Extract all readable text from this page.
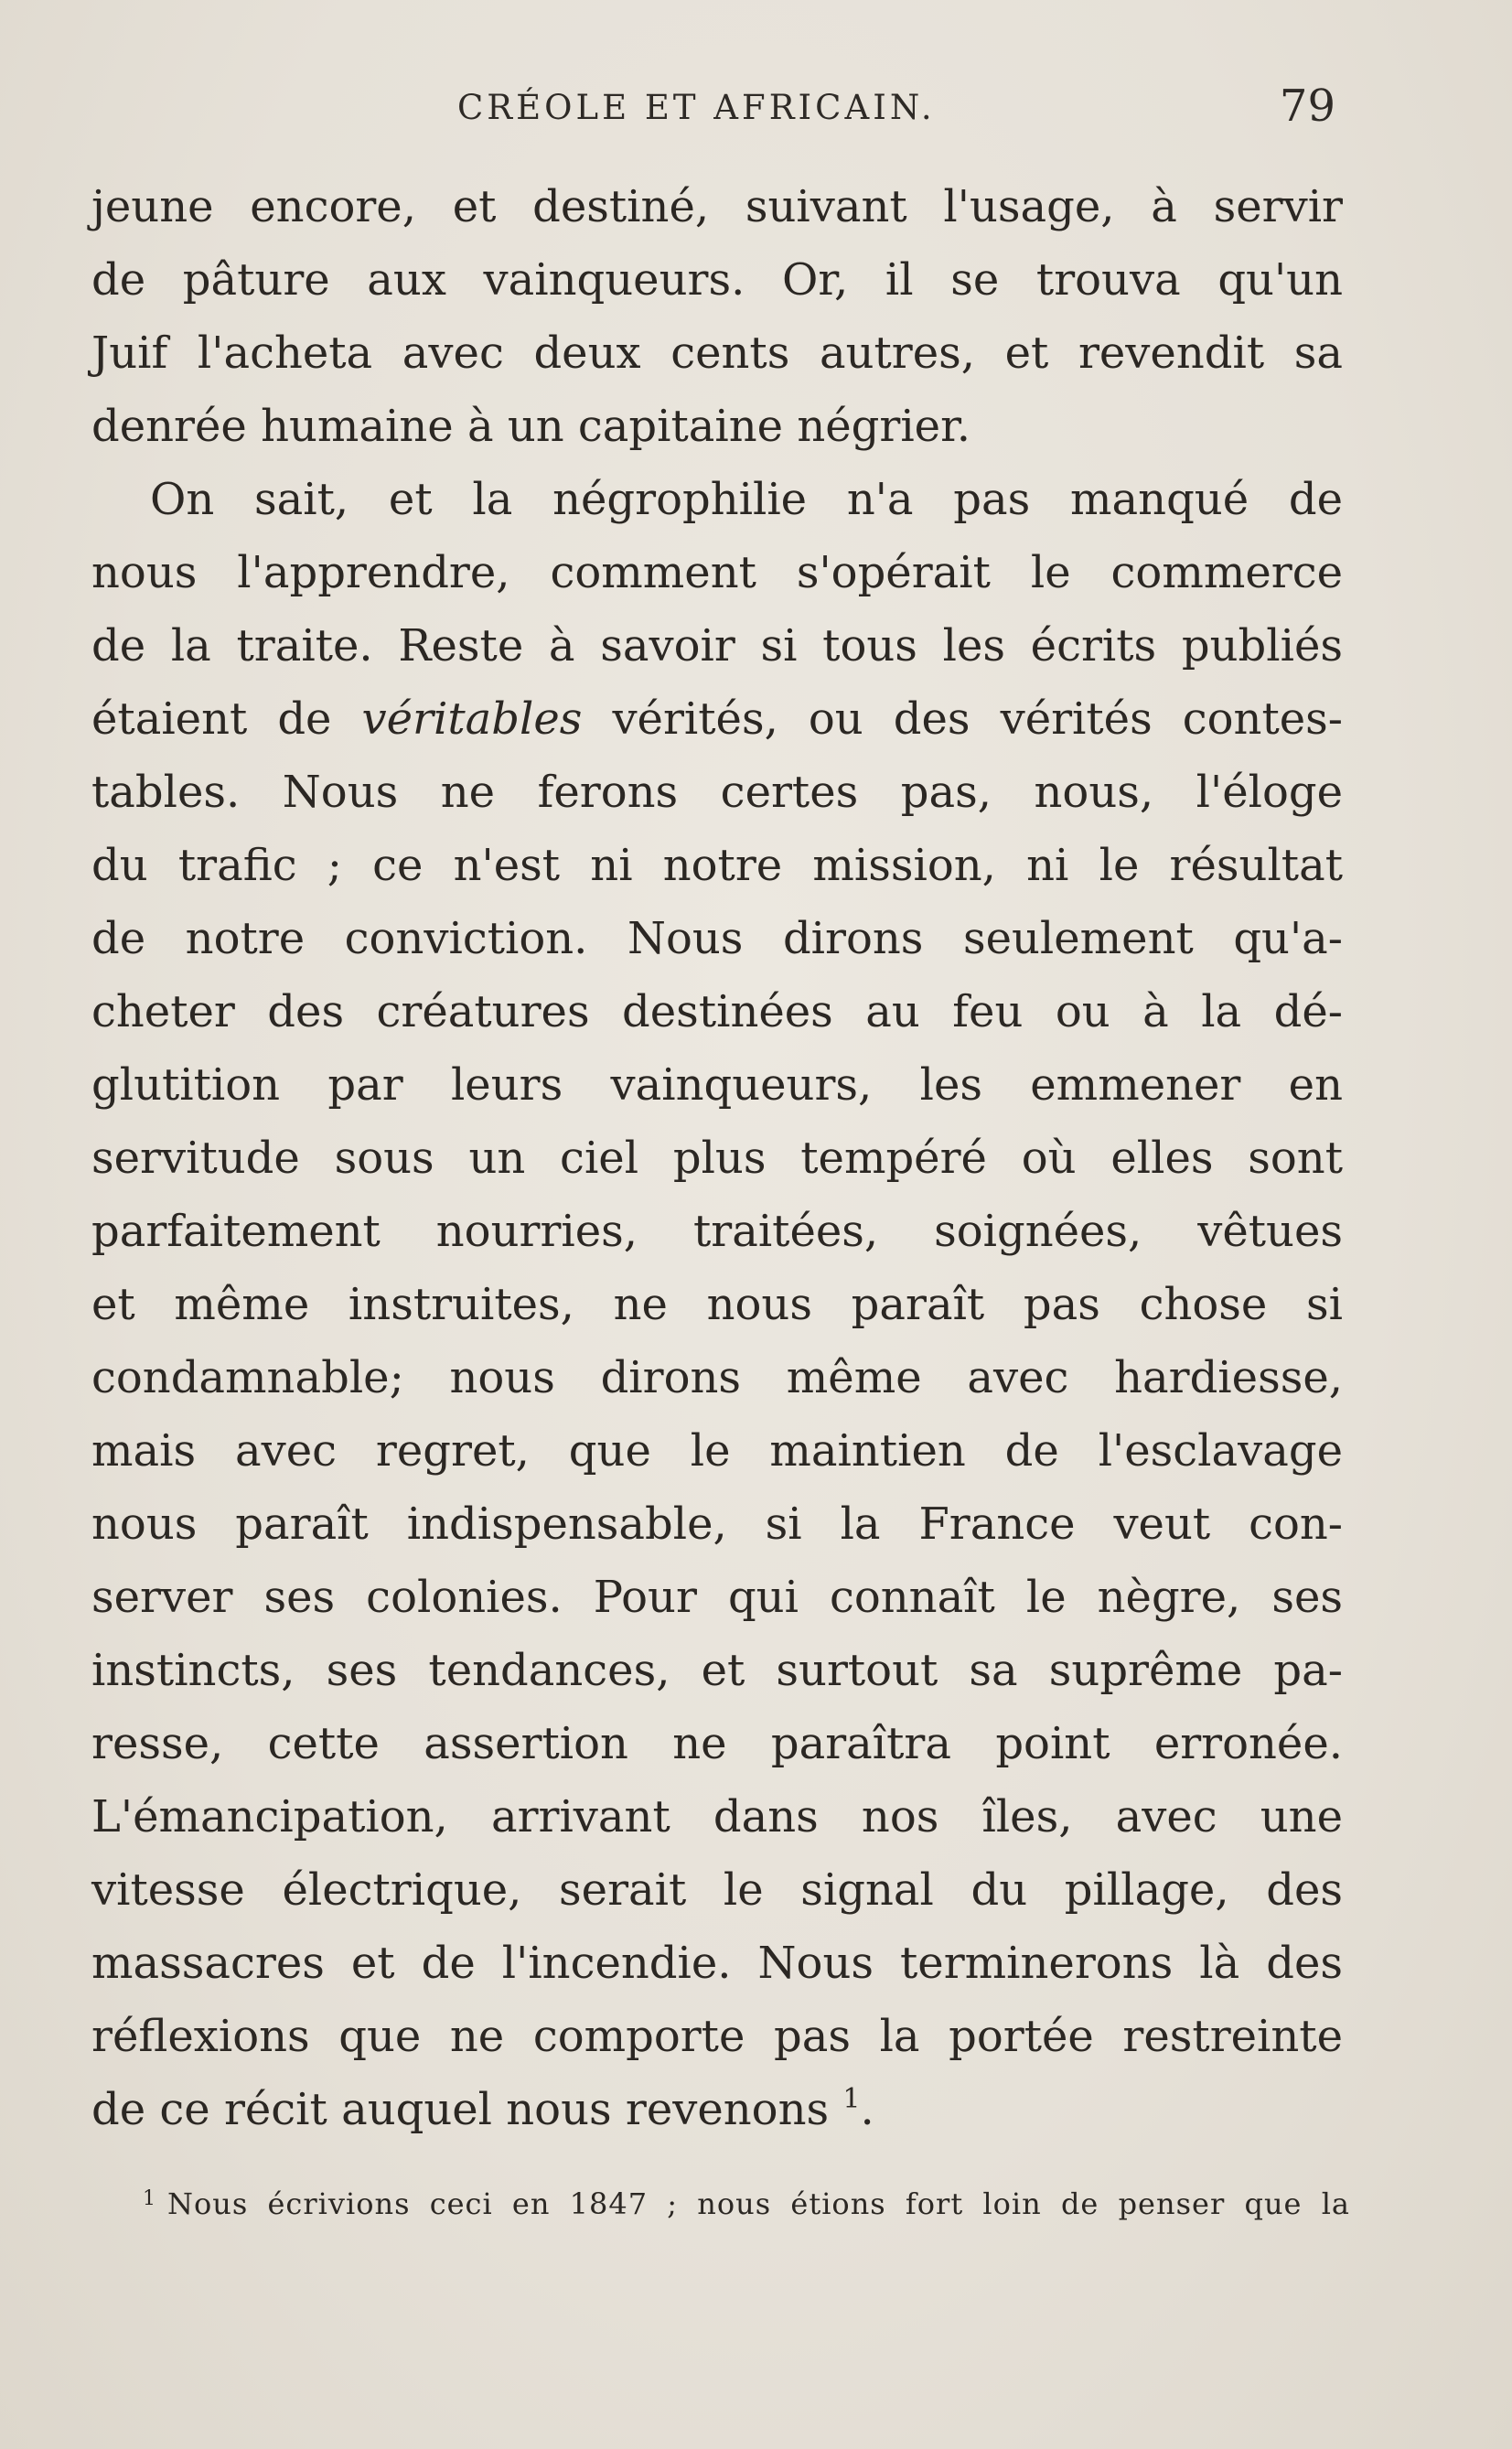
CRÉOLE ET AFRICAIN.	79
jeune encore, et destiné, suivant l'usage, à servir
de pâture aux vainqueurs. Or, il se trouva qu'un
Juif l'acheta avec deux cents autres, et revendit sa
denrée humaine à un capitaine négrier.
On sait, et la négrophilie n'a pas manqué de
nous l'apprendre, comment s'opérait le commerce
de la traite. Reste à savoir si tous les écrits publiés
étaient de véritables vérités, ou des vérités contes-
tables. Nous ne ferons certes pas, nous, l'éloge
du trafic ; ce n'est ni notre mission, ni le résultat
de notre conviction. Nous dirons seulement qu'a-
cheter des créatures destinées au feu ou à la dé-
glutition par leurs vainqueurs, les emmener en
servitude sous un ciel plus tempéré où elles sont
parfaitement nourries, traitées, soignées, vêtues
et même instruites, ne nous paraît pas chose si
condamnable; nous dirons même avec hardiesse,
mais avec regret, que le maintien de l'esclavage
nous paraît indispensable, si la France veut con-
server ses colonies. Pour qui connaît le nègre, ses
instincts, ses tendances, et surtout sa suprême pa-
resse, cette assertion ne paraîtra point erronée.
L'émancipation, arrivant dans nos îles, avec une
vitesse électrique, serait le signal du pillage, des
massacres et de l'incendie. Nous terminerons là des
réflexions que ne comporte pas la portée restreinte
de ce récit auquel nous revenons $^1$.
$^1$ Nous écrivions ceci en 1847 ; nous étions fort loin de penser que la
